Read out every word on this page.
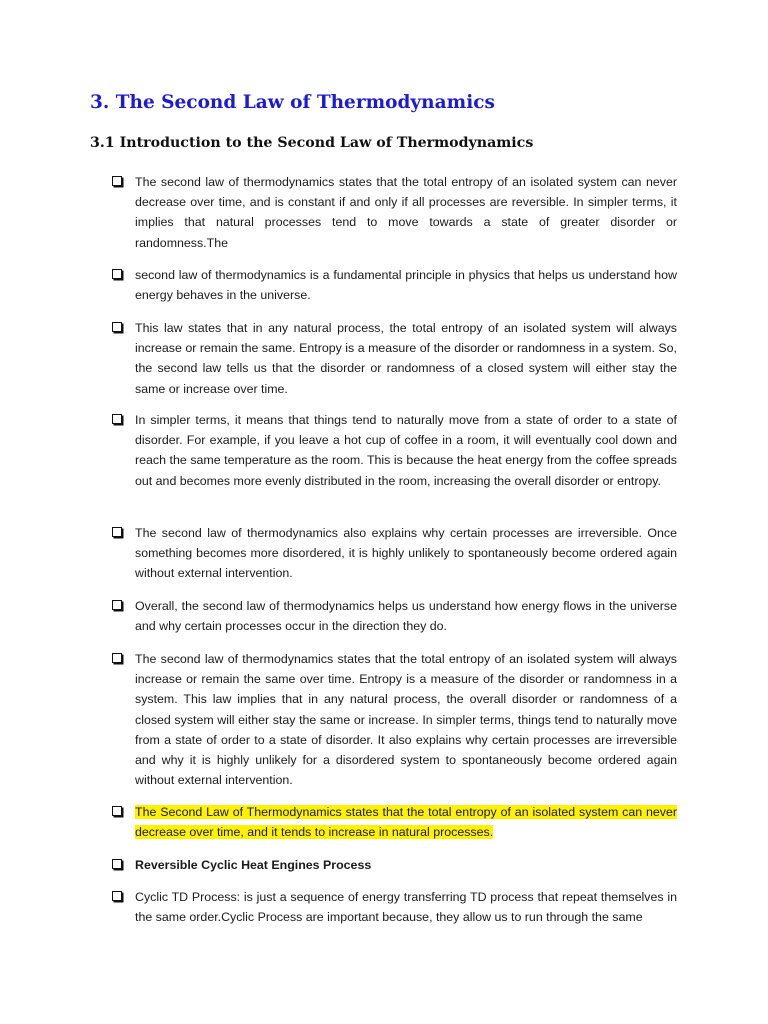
3. The Second Law of Thermodynamics
3.1 Introduction to the Second Law of Thermodynamics

The second law of thermodynamics states that the total entropy of an isolated system can never decrease over time, and is constant if and only if all processes are reversible. In simpler terms, it implies that natural processes tend to move towards a state of greater disorder or randomness.The

second law of thermodynamics is a fundamental principle in physics that helps us understand how energy behaves in the universe.

This law states that in any natural process, the total entropy of an isolated system will always increase or remain the same. Entropy is a measure of the disorder or randomness in a system. So, the second law tells us that the disorder or randomness of a closed system will either stay the same or increase over time.

In simpler terms, it means that things tend to naturally move from a state of order to a state of disorder. For example, if you leave a hot cup of coffee in a room, it will eventually cool down and reach the same temperature as the room. This is because the heat energy from the coffee spreads out and becomes more evenly distributed in the room, increasing the overall disorder or entropy.

The second law of thermodynamics also explains why certain processes are irreversible. Once something becomes more disordered, it is highly unlikely to spontaneously become ordered again without external intervention.

Overall, the second law of thermodynamics helps us understand how energy flows in the universe and why certain processes occur in the direction they do.

The second law of thermodynamics states that the total entropy of an isolated system will always increase or remain the same over time. Entropy is a measure of the disorder or randomness in a system. This law implies that in any natural process, the overall disorder or randomness of a closed system will either stay the same or increase. In simpler terms, things tend to naturally move from a state of order to a state of disorder. It also explains why certain processes are irreversible and why it is highly unlikely for a disordered system to spontaneously become ordered again without external intervention.

The Second Law of Thermodynamics states that the total entropy of an isolated system can never decrease over time, and it tends to increase in natural processes.

Reversible Cyclic Heat Engines Process

Cyclic TD Process: is just a sequence of energy transferring TD process that repeat themselves in the same order.Cyclic Process are important because, they allow us to run through the same
